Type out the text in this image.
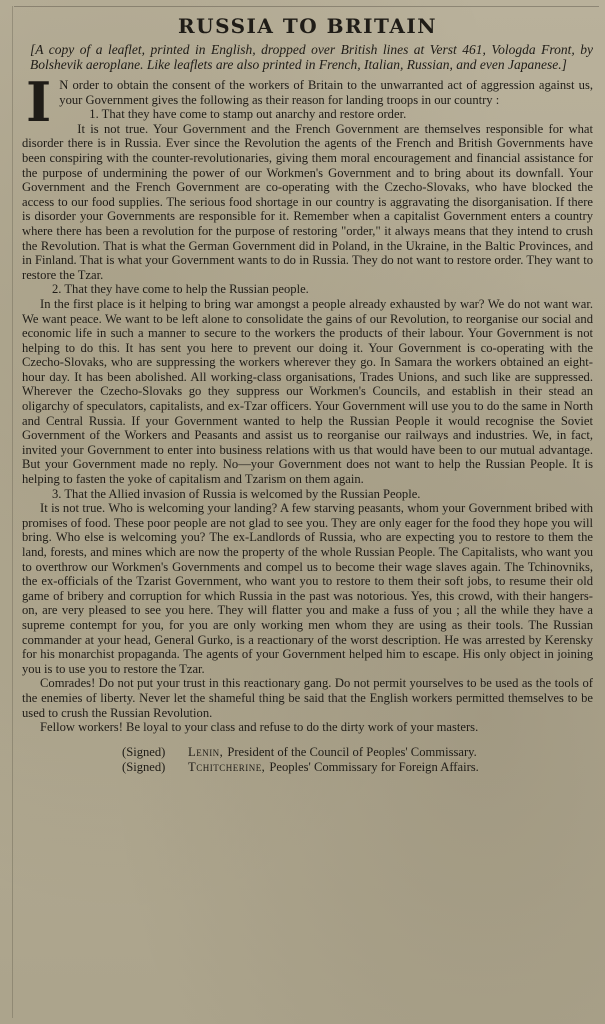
RUSSIA TO BRITAIN
[A copy of a leaflet, printed in English, dropped over British lines at Verst 461, Vologda Front, by Bolshevik aeroplane. Like leaflets are also printed in French, Italian, Russian, and even Japanese.]

I N order to obtain the consent of the workers of Britain to the unwarranted act of aggression against us, your Government gives the following as their reason for landing troops in our country :

1. That they have come to stamp out anarchy and restore order.

It is not true. Your Government and the French Government are themselves responsible for what disorder there is in Russia. Ever since the Revolution the agents of the French and British Governments have been conspiring with the counter-revolutionaries, giving them moral encouragement and financial assistance for the purpose of undermining the power of our Workmen's Government and to bring about its downfall. Your Government and the French Government are co-operating with the Czecho-Slovaks, who have blocked the access to our food supplies. The serious food shortage in our country is aggravating the disorganisation. If there is disorder your Governments are responsible for it. Remember when a capitalist Government enters a country where there has been a revolution for the purpose of restoring "order," it always means that they intend to crush the Revolution. That is what the German Government did in Poland, in the Ukraine, in the Baltic Provinces, and in Finland. That is what your Government wants to do in Russia. They do not want to restore order. They want to restore the Tzar.

2. That they have come to help the Russian people.

In the first place is it helping to bring war amongst a people already exhausted by war? We do not want war. We want peace. We want to be left alone to consolidate the gains of our Revolution, to reorganise our social and economic life in such a manner to secure to the workers the products of their labour. Your Government is not helping to do this. It has sent you here to prevent our doing it. Your Government is co-operating with the Czecho-Slovaks, who are suppressing the workers wherever they go. In Samara the workers obtained an eight-hour day. It has been abolished. All working-class organisations, Trades Unions, and such like are suppressed. Wherever the Czecho-Slovaks go they suppress our Workmen's Councils, and establish in their stead an oligarchy of speculators, capitalists, and ex-Tzar officers. Your Government will use you to do the same in North and Central Russia. If your Government wanted to help the Russian People it would recognise the Soviet Government of the Workers and Peasants and assist us to reorganise our railways and industries. We, in fact, invited your Government to enter into business relations with us that would have been to our mutual advantage. But your Government made no reply. No—your Government does not want to help the Russian People. It is helping to fasten the yoke of capitalism and Tzarism on them again.

3. That the Allied invasion of Russia is welcomed by the Russian People.

It is not true. Who is welcoming your landing? A few starving peasants, whom your Government bribed with promises of food. These poor people are not glad to see you. They are only eager for the food they hope you will bring. Who else is welcoming you? The ex-Landlords of Russia, who are expecting you to restore to them the land, forests, and mines which are now the property of the whole Russian People. The Capitalists, who want you to overthrow our Workmen's Governments and compel us to become their wage slaves again. The Tchinovniks, the ex-officials of the Tzarist Government, who want you to restore to them their soft jobs, to resume their old game of bribery and corruption for which Russia in the past was notorious. Yes, this crowd, with their hangers-on, are very pleased to see you here. They will flatter you and make a fuss of you ; all the while they have a supreme contempt for you, for you are only working men whom they are using as their tools. The Russian commander at your head, General Gurko, is a reactionary of the worst description. He was arrested by Kerensky for his monarchist propaganda. The agents of your Government helped him to escape. His only object in joining you is to use you to restore the Tzar.

Comrades! Do not put your trust in this reactionary gang. Do not permit yourselves to be used as the tools of the enemies of liberty. Never let the shameful thing be said that the English workers permitted themselves to be used to crush the Russian Revolution.

Fellow workers! Be loyal to your class and refuse to do the dirty work of your masters.

(Signed)	Lenin, President of the Council of Peoples' Commissary.
(Signed)	Tchitcherine, Peoples' Commissary for Foreign Affairs.
